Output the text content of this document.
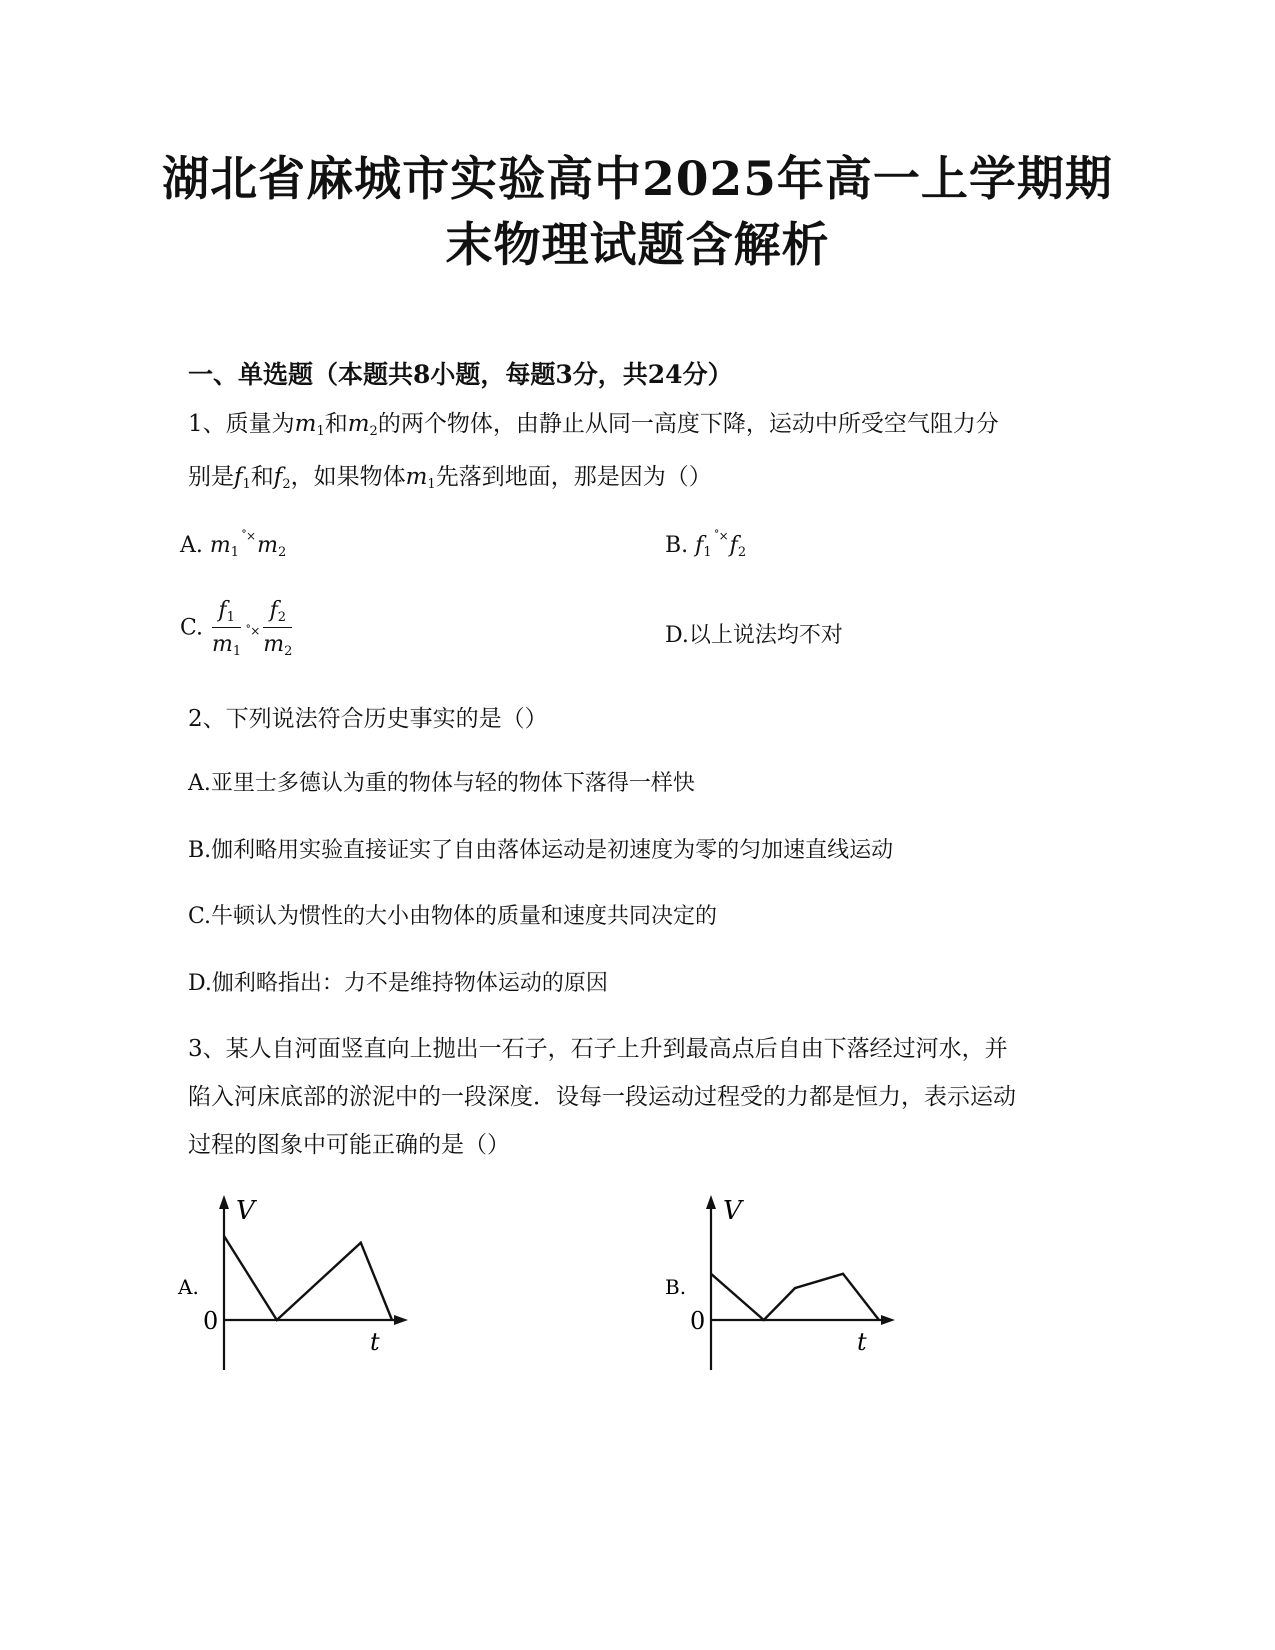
湖北省麻城市实验高中2025年高一上学期期
末物理试题含解析
一、单选题（本题共8小题，每题3分，共24分）
1、质量为$m_1$和$m_2$的两个物体，由静止从同一高度下降，运动中所受空气阻力分
别是$f_1$和$f_2$，如果物体$m_1$先落到地面，那是因为（）
A. $m_1^{˚\times}m_2$	B. $f_1^{˚\times}f_2$
C. $\frac{f_1}{m_1}$ ˚× $\frac{f_2}{m_2}$	D.以上说法均不对
2、下列说法符合历史事实的是（）
A.亚里士多德认为重的物体与轻的物体下落得一样快
B.伽利略用实验直接证实了自由落体运动是初速度为零的匀加速直线运动
C.牛顿认为惯性的大小由物体的质量和速度共同决定的
D.伽利略指出：力不是维持物体运动的原因
3、某人自河面竖直向上抛出一石子，石子上升到最高点后自由下落经过河水，并
陷入河床底部的淤泥中的一段深度．设每一段运动过程受的力都是恒力，表示运动
过程的图象中可能正确的是（）
A.
V
t
0
B.
V
t
0
